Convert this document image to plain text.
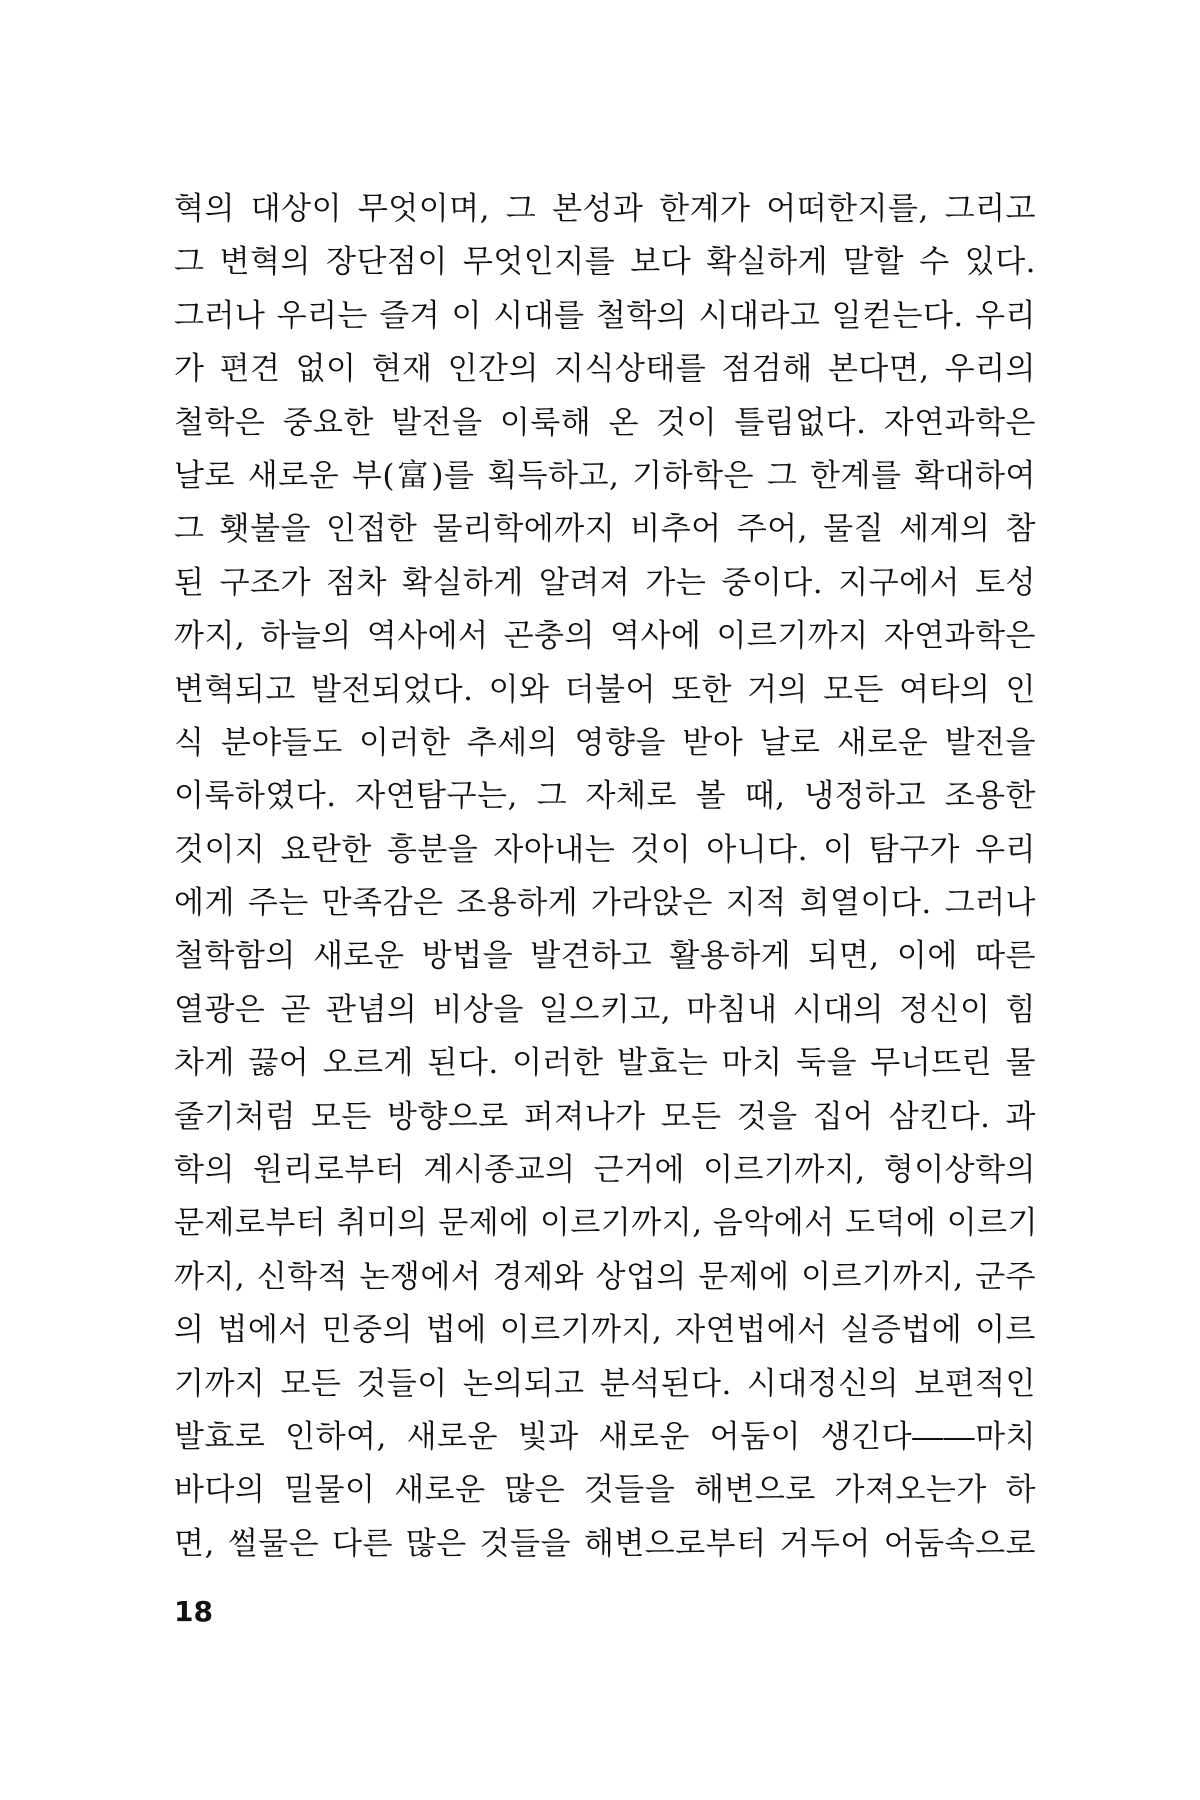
혁의 대상이 무엇이며, 그 본성과 한계가 어떠한지를, 그리고
그 변혁의 장단점이 무엇인지를 보다 확실하게 말할 수 있다.
그러나 우리는 즐겨 이 시대를 철학의 시대라고 일컫는다. 우리
가 편견 없이 현재 인간의 지식상태를 점검해 본다면, 우리의
철학은 중요한 발전을 이룩해 온 것이 틀림없다. 자연과학은
날로 새로운 부(富)를 획득하고, 기하학은 그 한계를 확대하여
그 횃불을 인접한 물리학에까지 비추어 주어, 물질 세계의 참
된 구조가 점차 확실하게 알려져 가는 중이다. 지구에서 토성
까지, 하늘의 역사에서 곤충의 역사에 이르기까지 자연과학은
변혁되고 발전되었다. 이와 더불어 또한 거의 모든 여타의 인
식 분야들도 이러한 추세의 영향을 받아 날로 새로운 발전을
이룩하였다. 자연탐구는, 그 자체로 볼 때, 냉정하고 조용한
것이지 요란한 흥분을 자아내는 것이 아니다. 이 탐구가 우리
에게 주는 만족감은 조용하게 가라앉은 지적 희열이다. 그러나
철학함의 새로운 방법을 발견하고 활용하게 되면, 이에 따른
열광은 곧 관념의 비상을 일으키고, 마침내 시대의 정신이 힘
차게 끓어 오르게 된다. 이러한 발효는 마치 둑을 무너뜨린 물
줄기처럼 모든 방향으로 퍼져나가 모든 것을 집어 삼킨다. 과
학의 원리로부터 계시종교의 근거에 이르기까지, 형이상학의
문제로부터 취미의 문제에 이르기까지, 음악에서 도덕에 이르기
까지, 신학적 논쟁에서 경제와 상업의 문제에 이르기까지, 군주
의 법에서 민중의 법에 이르기까지, 자연법에서 실증법에 이르
기까지 모든 것들이 논의되고 분석된다. 시대정신의 보편적인
발효로 인하여, 새로운 빛과 새로운 어둠이 생긴다――마치
바다의 밀물이 새로운 많은 것들을 해변으로 가져오는가 하
면, 썰물은 다른 많은 것들을 해변으로부터 거두어 어둠속으로
18
